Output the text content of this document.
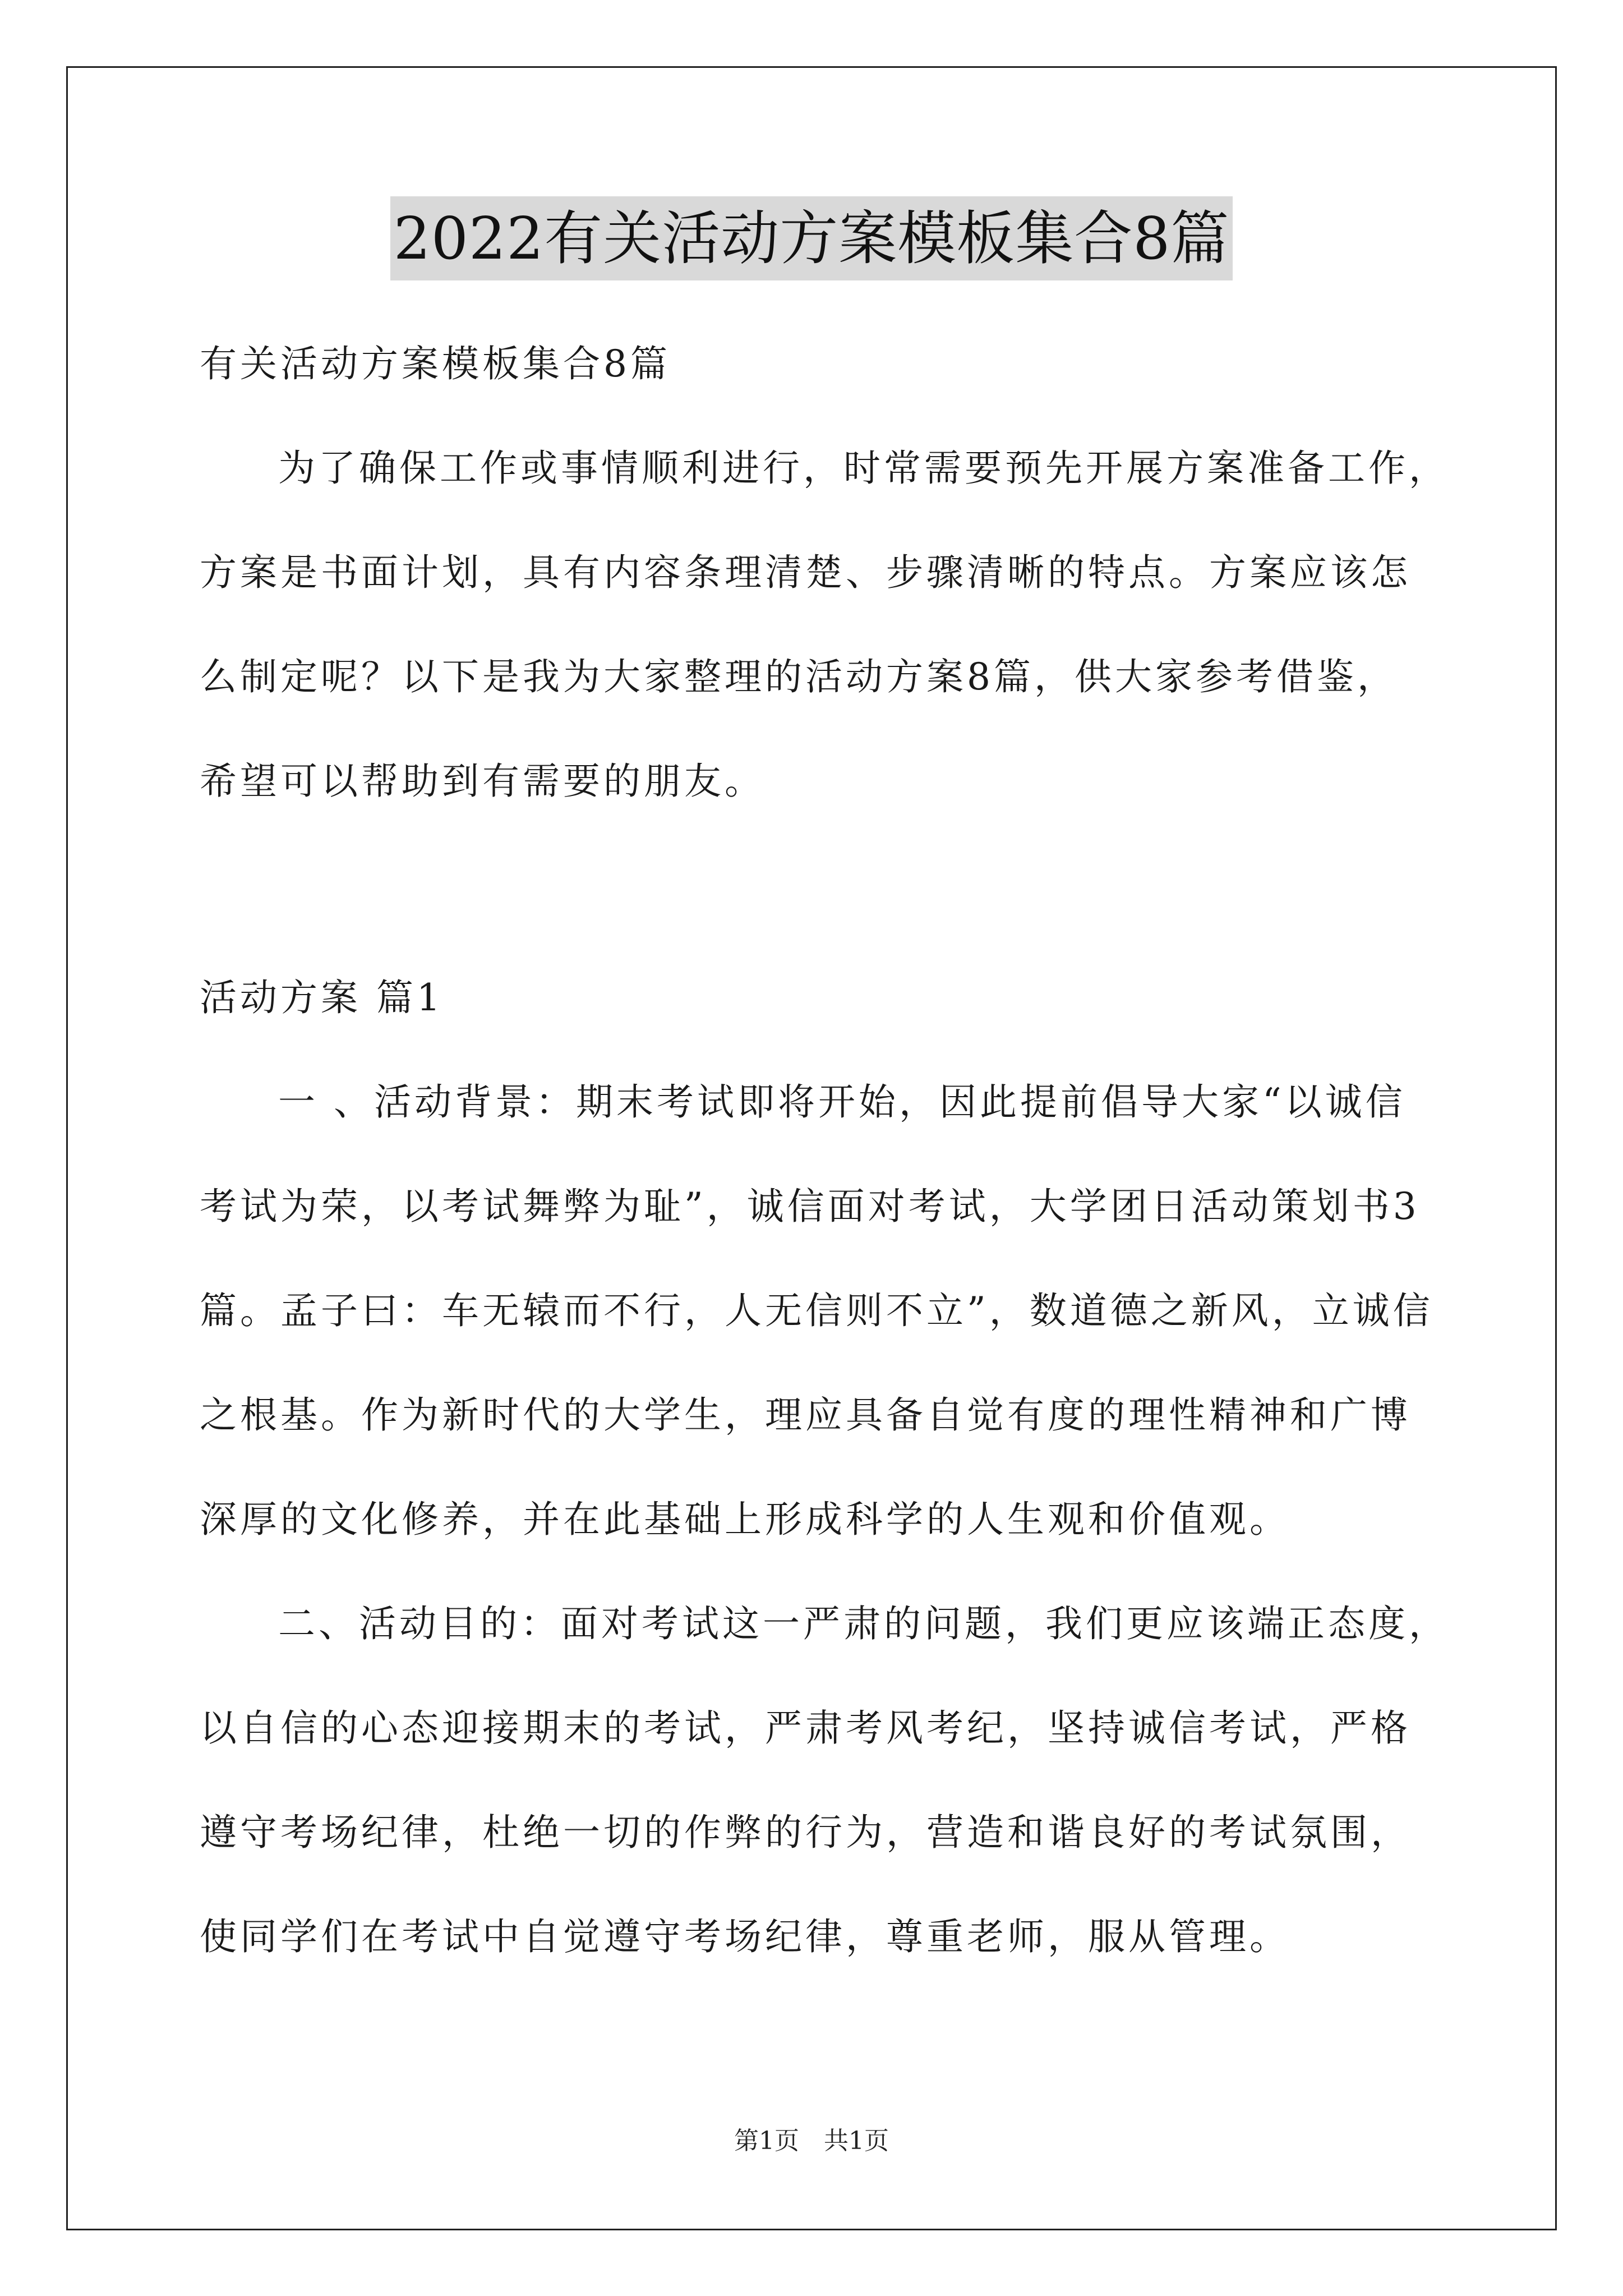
2022有关活动方案模板集合8篇
有关活动方案模板集合8篇
为了确保工作或事情顺利进行，时常需要预先开展方案准备工作，
方案是书面计划，具有内容条理清楚、步骤清晰的特点。方案应该怎
么制定呢？以下是我为大家整理的活动方案8篇，供大家参考借鉴，
希望可以帮助到有需要的朋友。
活动方案 篇1
一 、活动背景：期末考试即将开始，因此提前倡导大家“以诚信
考试为荣，以考试舞弊为耻”，诚信面对考试，大学团日活动策划书3
篇。孟子曰：车无辕而不行，人无信则不立”，数道德之新风，立诚信
之根基。作为新时代的大学生，理应具备自觉有度的理性精神和广博
深厚的文化修养，并在此基础上形成科学的人生观和价值观。
二、活动目的：面对考试这一严肃的问题，我们更应该端正态度，
以自信的心态迎接期末的考试，严肃考风考纪，坚持诚信考试，严格
遵守考场纪律，杜绝一切的作弊的行为，营造和谐良好的考试氛围，
使同学们在考试中自觉遵守考场纪律，尊重老师，服从管理。
第1页　共1页
